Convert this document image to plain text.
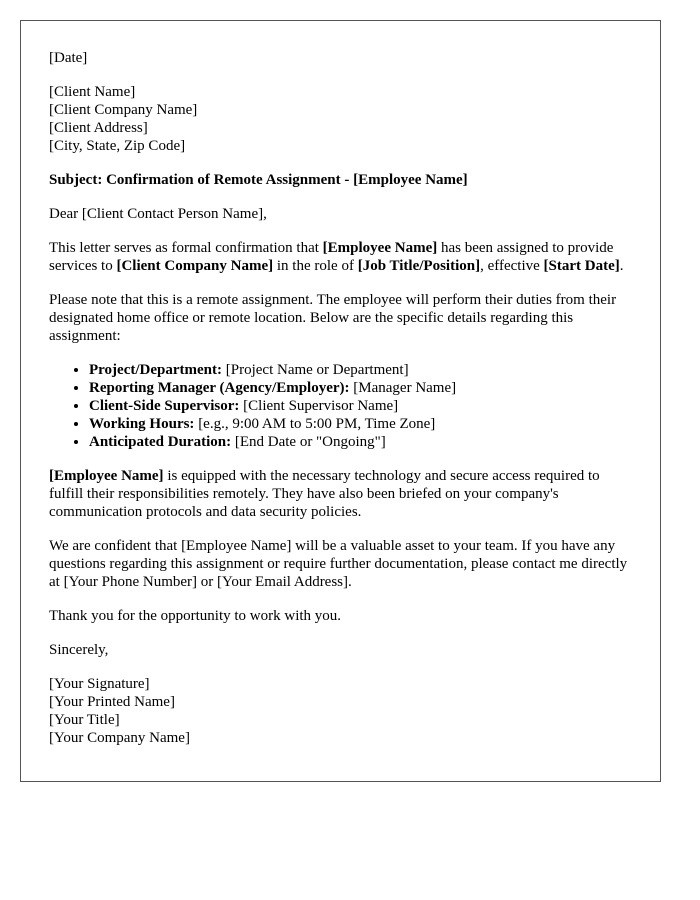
[Date]

[Client Name]
[Client Company Name]
[Client Address]
[City, State, Zip Code]

Subject: Confirmation of Remote Assignment - [Employee Name]

Dear [Client Contact Person Name],

This letter serves as formal confirmation that [Employee Name] has been assigned to provide services to [Client Company Name] in the role of [Job Title/Position], effective [Start Date].

Please note that this is a remote assignment. The employee will perform their duties from their designated home office or remote location. Below are the specific details regarding this assignment:

• Project/Department: [Project Name or Department]
• Reporting Manager (Agency/Employer): [Manager Name]
• Client-Side Supervisor: [Client Supervisor Name]
• Working Hours: [e.g., 9:00 AM to 5:00 PM, Time Zone]
• Anticipated Duration: [End Date or "Ongoing"]

[Employee Name] is equipped with the necessary technology and secure access required to fulfill their responsibilities remotely. They have also been briefed on your company's communication protocols and data security policies.

We are confident that [Employee Name] will be a valuable asset to your team. If you have any questions regarding this assignment or require further documentation, please contact me directly at [Your Phone Number] or [Your Email Address].

Thank you for the opportunity to work with you.

Sincerely,

[Your Signature]
[Your Printed Name]
[Your Title]
[Your Company Name]
